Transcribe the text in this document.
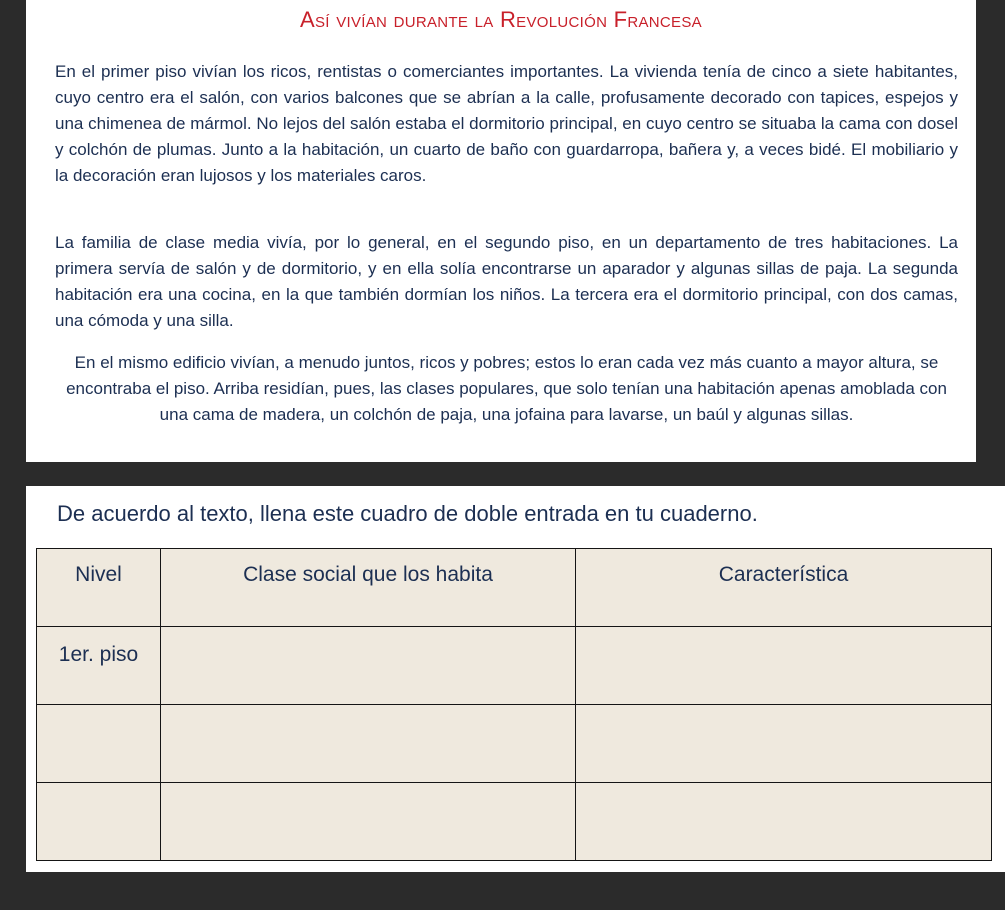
Así vivían durante la Revolución Francesa

En el primer piso vivían los ricos, rentistas o comerciantes importantes. La vivienda tenía de cinco a siete habitantes, cuyo centro era el salón, con varios balcones que se abrían a la calle, profusamente decorado con tapices, espejos y una chimenea de mármol. No lejos del salón estaba el dormitorio principal, en cuyo centro se situaba la cama con dosel y colchón de plumas. Junto a la habitación, un cuarto de baño con guardarropa, bañera y, a veces bidé. El mobiliario y la decoración eran lujosos y los materiales caros.

La familia de clase media vivía, por lo general, en el segundo piso, en un departamento de tres habitaciones. La primera servía de salón y de dormitorio, y en ella solía encontrarse un aparador y algunas sillas de paja. La segunda habitación era una cocina, en la que también dormían los niños. La tercera era el dormitorio principal, con dos camas, una cómoda y una silla.

En el mismo edificio vivían, a menudo juntos, ricos y pobres; estos lo eran cada vez más cuanto a mayor altura, se encontraba el piso. Arriba residían, pues, las clases populares, que solo tenían una habitación apenas amoblada con una cama de madera, un colchón de paja, una jofaina para lavarse, un baúl y algunas sillas.

De acuerdo al texto, llena este cuadro de doble entrada en tu cuaderno.

Nivel	Clase social que los habita	Característica
1er. piso		
